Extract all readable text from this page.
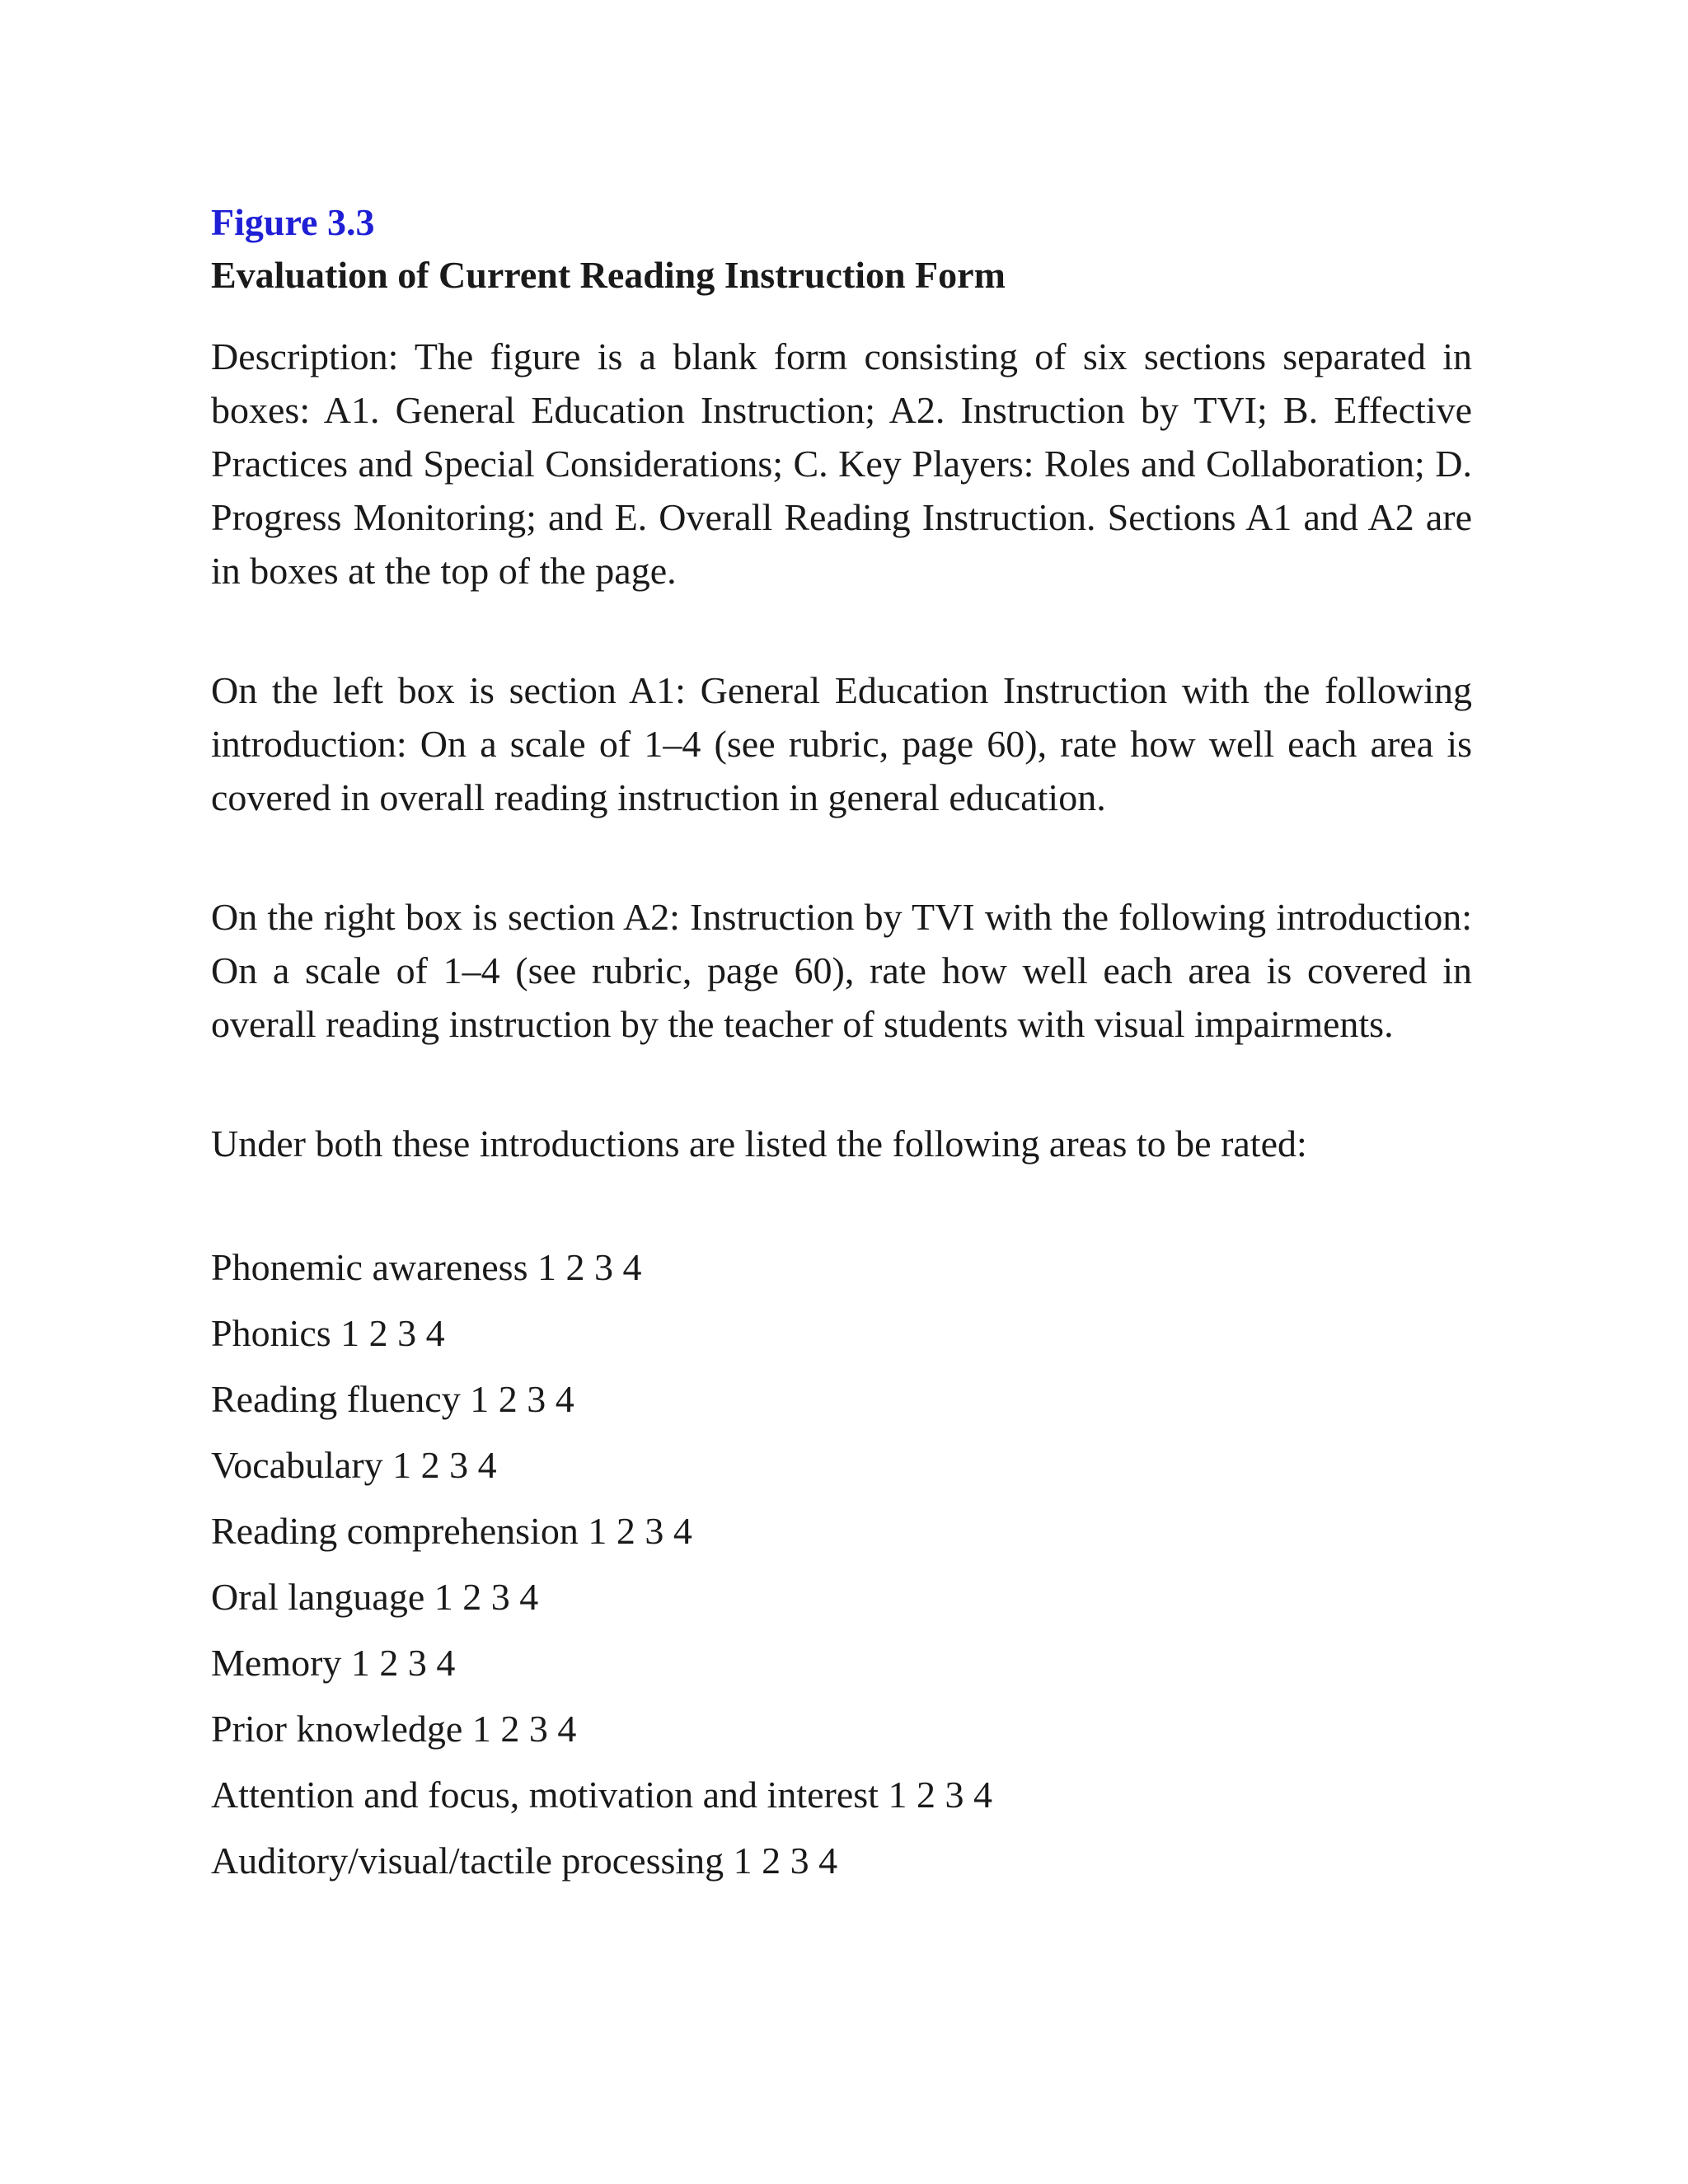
Figure 3.3

Evaluation of Current Reading Instruction Form

Description: The figure is a blank form consisting of six sections separated in boxes: A1. General Education Instruction; A2. Instruction by TVI; B. Effective Practices and Special Considerations; C. Key Players: Roles and Collaboration; D. Progress Monitoring; and E. Overall Reading Instruction. Sections A1 and A2 are in boxes at the top of the page.

On the left box is section A1: General Education Instruction with the following introduction: On a scale of 1–4 (see rubric, page 60), rate how well each area is covered in overall reading instruction in general education.

On the right box is section A2: Instruction by TVI with the following introduction: On a scale of 1–4 (see rubric, page 60), rate how well each area is covered in overall reading instruction by the teacher of students with visual impairments.

Under both these introductions are listed the following areas to be rated:

Phonemic awareness 1 2 3 4
Phonics 1 2 3 4
Reading fluency 1 2 3 4
Vocabulary 1 2 3 4
Reading comprehension 1 2 3 4
Oral language 1 2 3 4
Memory 1 2 3 4
Prior knowledge 1 2 3 4
Attention and focus, motivation and interest 1 2 3 4
Auditory/visual/tactile processing 1 2 3 4
